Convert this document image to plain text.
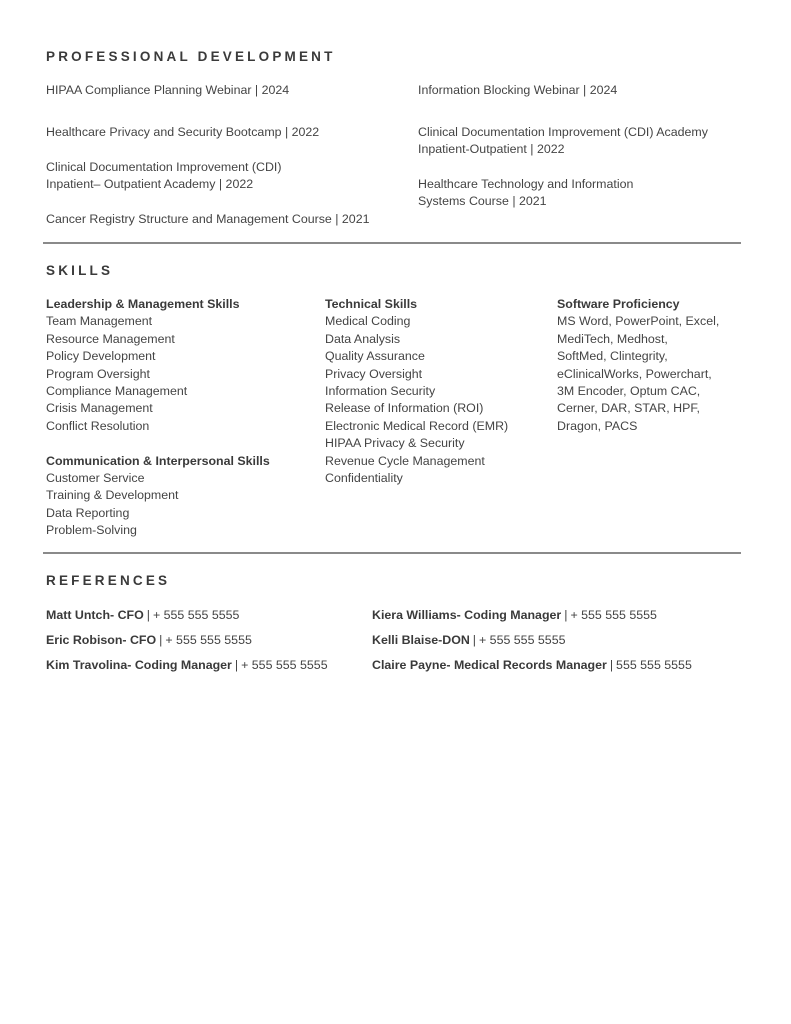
PROFESSIONAL DEVELOPMENT
HIPAA Compliance Planning Webinar | 2024
Healthcare Privacy and Security Bootcamp | 2022
Clinical Documentation Improvement (CDI)
Inpatient– Outpatient Academy | 2022
Cancer Registry Structure and Management Course | 2021
Information Blocking Webinar | 2024
Clinical Documentation Improvement (CDI) Academy
Inpatient-Outpatient | 2022
Healthcare Technology and Information
Systems Course | 2021
SKILLS
Leadership & Management Skills
Team Management
Resource Management
Policy Development
Program Oversight
Compliance Management
Crisis Management
Conflict Resolution
Communication & Interpersonal Skills
Customer Service
Training & Development
Data Reporting
Problem-Solving
Technical Skills
Medical Coding
Data Analysis
Quality Assurance
Privacy Oversight
Information Security
Release of Information (ROI)
Electronic Medical Record (EMR)
HIPAA Privacy & Security
Revenue Cycle Management
Confidentiality
Software Proficiency
MS Word, PowerPoint, Excel,
MediTech, Medhost,
SoftMed, Clintegrity,
eClinicalWorks, Powerchart,
3M Encoder, Optum CAC,
Cerner, DAR, STAR, HPF,
Dragon, PACS
REFERENCES
Matt Untch- CFO | + 555 555 5555
Eric Robison- CFO | + 555 555 5555
Kim Travolina- Coding Manager | + 555 555 5555
Kiera Williams- Coding Manager | + 555 555 5555
Kelli Blaise-DON | + 555 555 5555
Claire Payne- Medical Records Manager | 555 555 5555
